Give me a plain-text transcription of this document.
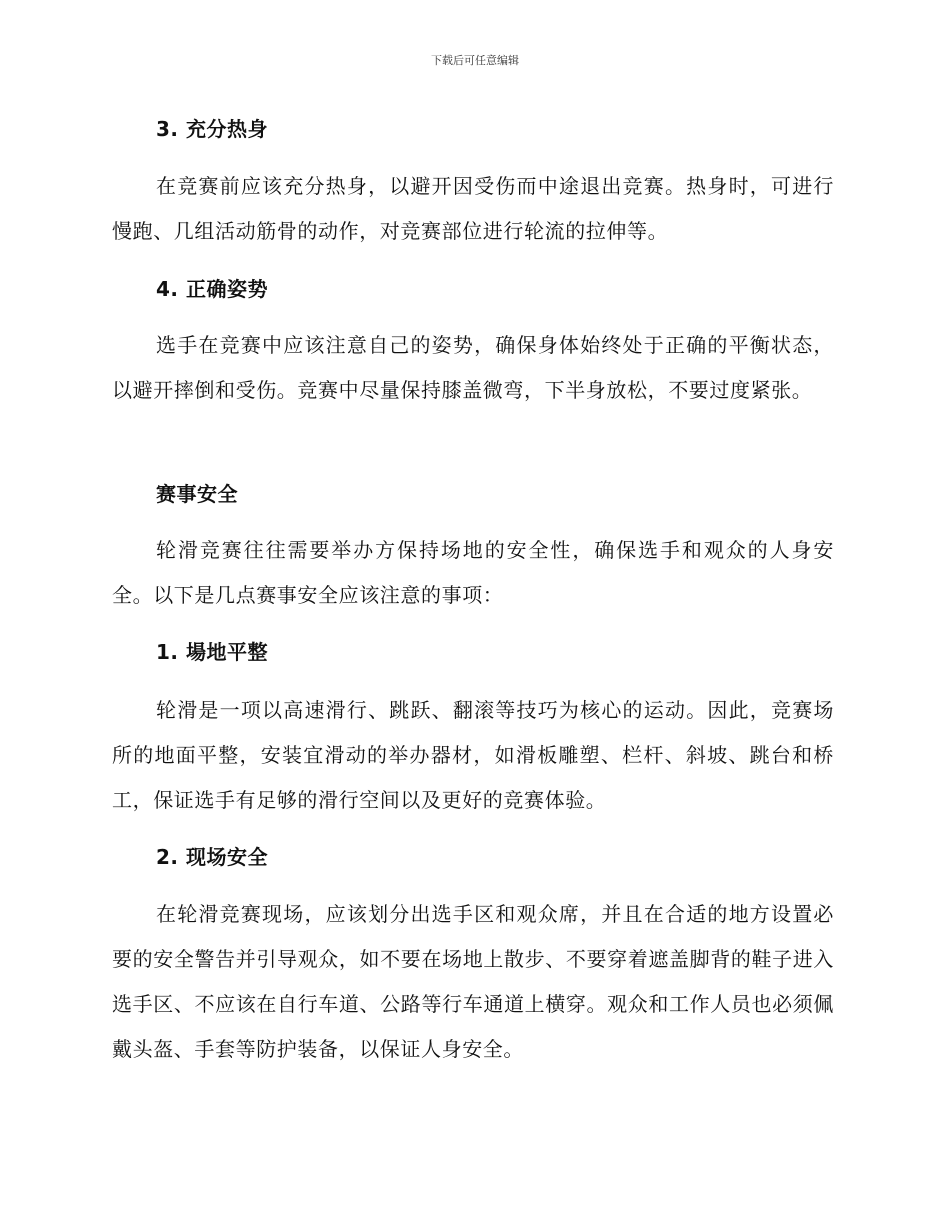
下载后可任意编辑
3. 充分热身

在竞赛前应该充分热身，以避开因受伤而中途退出竞赛。热身时，可进行慢跑、几组活动筋骨的动作，对竞赛部位进行轮流的拉伸等。

4. 正确姿势

选手在竞赛中应该注意自己的姿势，确保身体始终处于正确的平衡状态，以避开摔倒和受伤。竞赛中尽量保持膝盖微弯，下半身放松，不要过度紧张。

赛事安全

轮滑竞赛往往需要举办方保持场地的安全性，确保选手和观众的人身安全。以下是几点赛事安全应该注意的事项：

1. 場地平整

轮滑是一项以高速滑行、跳跃、翻滚等技巧为核心的运动。因此，竞赛场所的地面平整，安装宜滑动的举办器材，如滑板雕塑、栏杆、斜坡、跳台和桥工，保证选手有足够的滑行空间以及更好的竞赛体验。

2. 现场安全

在轮滑竞赛现场，应该划分出选手区和观众席，并且在合适的地方设置必要的安全警告并引导观众，如不要在场地上散步、不要穿着遮盖脚背的鞋子进入选手区、不应该在自行车道、公路等行车通道上横穿。观众和工作人员也必须佩戴头盔、手套等防护装备，以保证人身安全。
